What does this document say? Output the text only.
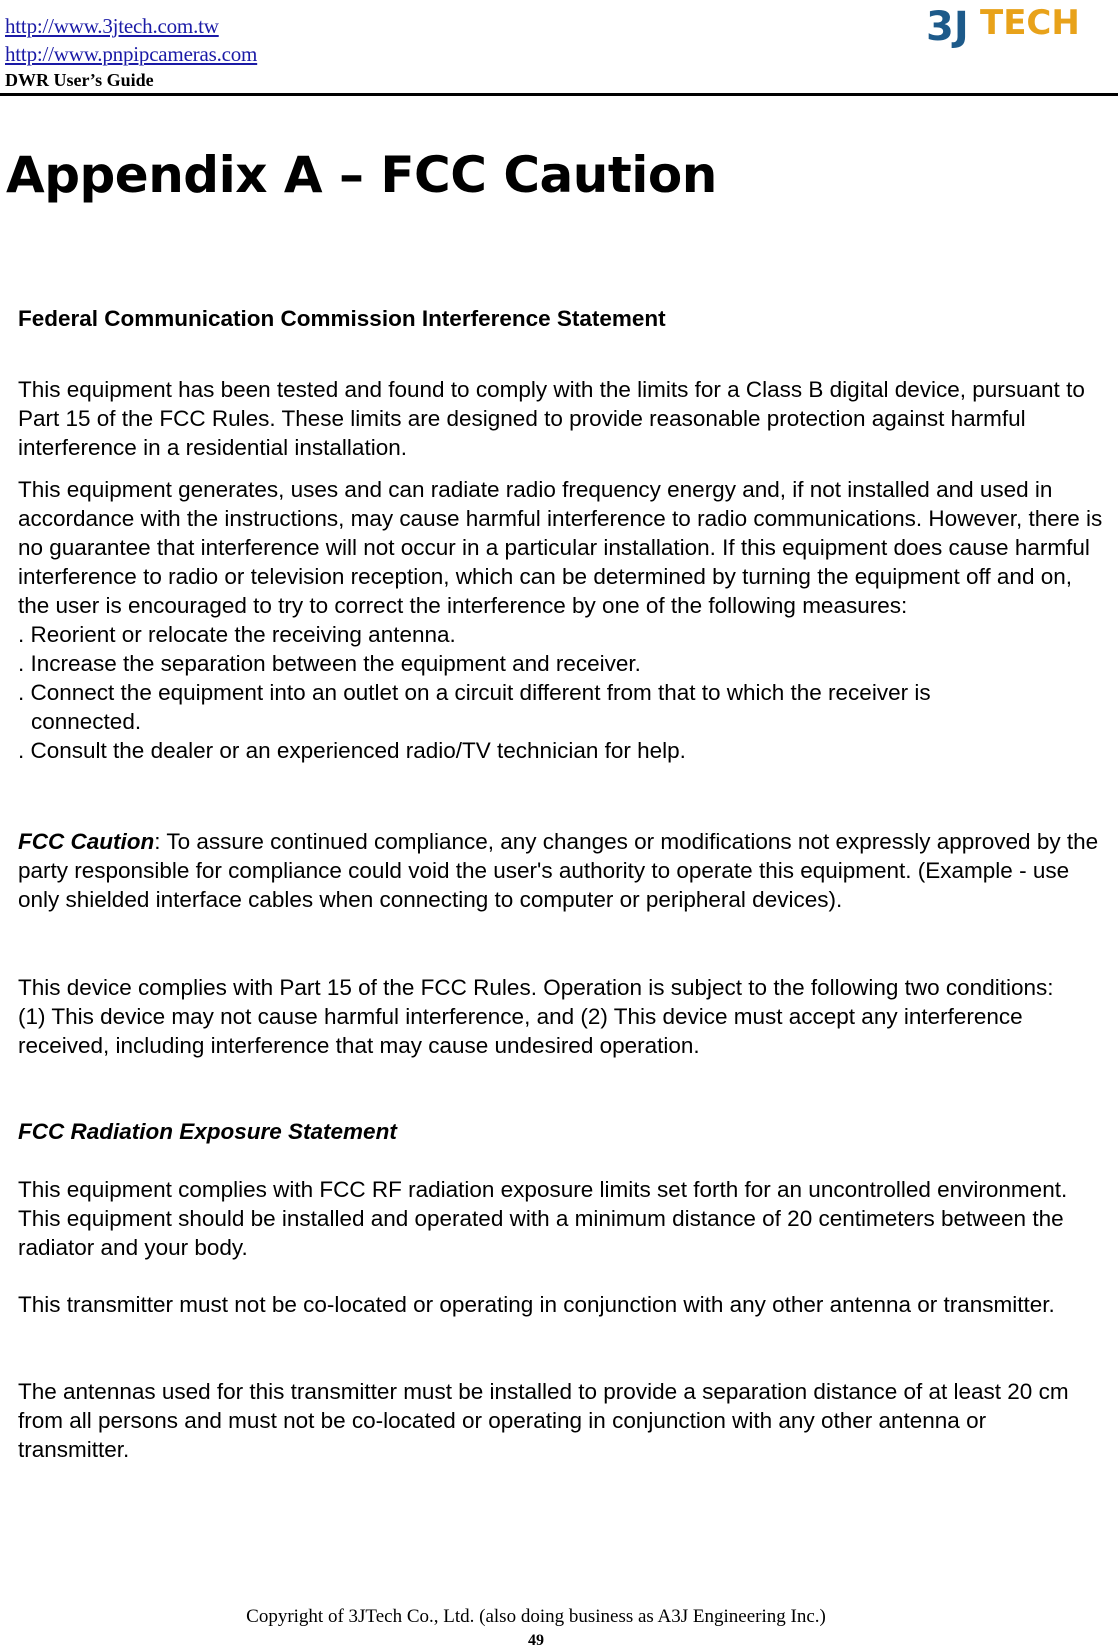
http://www.3jtech.com.tw
http://www.pnpipcameras.com
DWR User’s Guide
3J TECH
Appendix A – FCC Caution

Federal Communication Commission Interference Statement

This equipment has been tested and found to comply with the limits for a Class B digital device, pursuant to Part 15 of the FCC Rules. These limits are designed to provide reasonable protection against harmful interference in a residential installation.

This equipment generates, uses and can radiate radio frequency energy and, if not installed and used in accordance with the instructions, may cause harmful interference to radio communications. However, there is no guarantee that interference will not occur in a particular installation. If this equipment does cause harmful interference to radio or television reception, which can be determined by turning the equipment off and on, the user is encouraged to try to correct the interference by one of the following measures:

. Reorient or relocate the receiving antenna.

. Increase the separation between the equipment and receiver.

. Connect the equipment into an outlet on a circuit different from that to which the receiver is

connected.

. Consult the dealer or an experienced radio/TV technician for help.

FCC Caution: To assure continued compliance, any changes or modifications not expressly approved by the party responsible for compliance could void the user's authority to operate this equipment. (Example - use only shielded interface cables when connecting to computer or peripheral devices).

This device complies with Part 15 of the FCC Rules. Operation is subject to the following two conditions:

(1) This device may not cause harmful interference, and (2) This device must accept any interference received, including interference that may cause undesired operation.

FCC Radiation Exposure Statement

This equipment complies with FCC RF radiation exposure limits set forth for an uncontrolled environment. This equipment should be installed and operated with a minimum distance of 20 centimeters between the radiator and your body.

This transmitter must not be co-located or operating in conjunction with any other antenna or transmitter.

The antennas used for this transmitter must be installed to provide a separation distance of at least 20 cm from all persons and must not be co-located or operating in conjunction with any other antenna or transmitter.

Copyright of 3JTech Co., Ltd. (also doing business as A3J Engineering Inc.)
49
